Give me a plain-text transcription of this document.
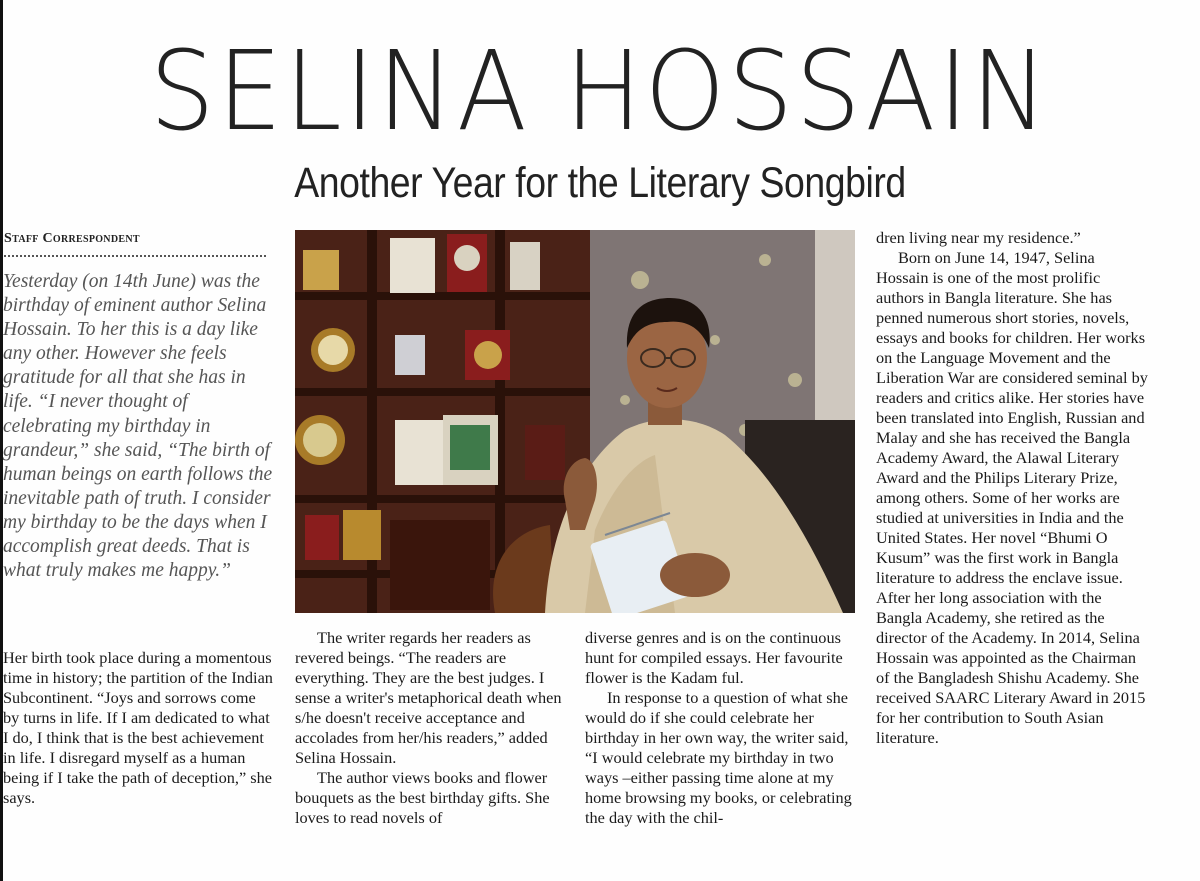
SELINA HOSSAIN
Another Year for the Literary Songbird
Staff Correspondent
Yesterday (on 14th June) was the birthday of eminent author Selina Hossain. To her this is a day like any other. However she feels gratitude for all that she has in life. “I never thought of celebrating my birthday in grandeur,” she said, “The birth of human beings on earth follows the inevitable path of truth. I consider my birthday to be the days when I accomplish great deeds. That is what truly makes me happy.”

Her birth took place during a momentous time in history; the partition of the Indian Subcontinent. “Joys and sorrows come by turns in life. If I am dedicated to what I do, I think that is the best achievement in life. I disregard myself as a human being if I take the path of deception,” she says.

The writer regards her readers as revered beings. “The readers are everything. They are the best judges. I sense a writer's metaphorical death when s/he doesn't receive acceptance and accolades from her/his readers,” added Selina Hossain.

The author views books and flower bouquets as the best birthday gifts. She loves to read novels of

diverse genres and is on the continuous hunt for compiled essays. Her favourite flower is the Kadam ful.

In response to a question of what she would do if she could celebrate her birthday in her own way, the writer said, “I would celebrate my birthday in two ways –either passing time alone at my home browsing my books, or celebrating the day with the chil-

dren living near my residence.”

Born on June 14, 1947, Selina Hossain is one of the most prolific authors in Bangla literature. She has penned numerous short stories, novels, essays and books for children. Her works on the Language Movement and the Liberation War are considered seminal by readers and critics alike. Her stories have been translated into English, Russian and Malay and she has received the Bangla Academy Award, the Alawal Literary Award and the Philips Literary Prize, among others. Some of her works are studied at universities in India and the United States. Her novel “Bhumi O Kusum” was the first work in Bangla literature to address the enclave issue. After her long association with the Bangla Academy, she retired as the director of the Academy. In 2014, Selina Hossain was appointed as the Chairman of the Bangladesh Shishu Academy. She received SAARC Literary Award in 2015 for her contribution to South Asian literature.
